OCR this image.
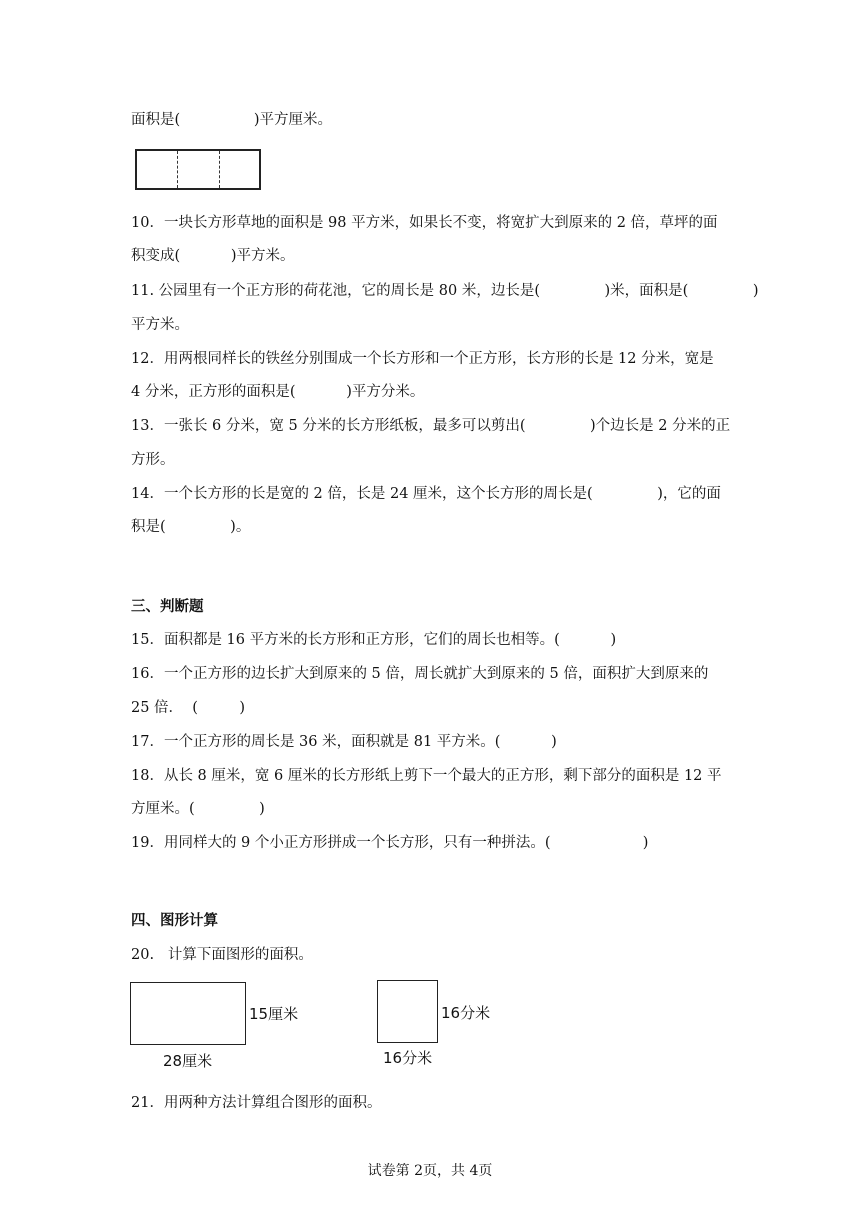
面积是(                )平方厘米。
10．一块长方形草地的面积是 98 平方米，如果长不变，将宽扩大到原来的 2 倍，草坪的面
积变成(           )平方米。
11. 公园里有一个正方形的荷花池，它的周长是 80 米，边长是(              )米，面积是(              )
平方米。
12．用两根同样长的铁丝分别围成一个长方形和一个正方形，长方形的长是 12 分米，宽是
4 分米，正方形的面积是(           )平方分米。
13．一张长 6 分米，宽 5 分米的长方形纸板，最多可以剪出(              )个边长是 2 分米的正
方形。
14．一个长方形的长是宽的 2 倍，长是 24 厘米，这个长方形的周长是(              )，它的面
积是(              )。
三、判断题
15．面积都是 16 平方米的长方形和正方形，它们的周长也相等。(           )
16．一个正方形的边长扩大到原来的 5 倍，周长就扩大到原来的 5 倍，面积扩大到原来的
25 倍．  (         )
17．一个正方形的周长是 36 米，面积就是 81 平方米。(           )
18．从长 8 厘米，宽 6 厘米的长方形纸上剪下一个最大的正方形，剩下部分的面积是 12 平
方厘米。(              )
19．用同样大的 9 个小正方形拼成一个长方形，只有一种拼法。(                    )
四、图形计算
20.   计算下面图形的面积。
15厘米
28厘米
16分米
16分米
21．用两种方法计算组合图形的面积。
试卷第 2页，共 4页
